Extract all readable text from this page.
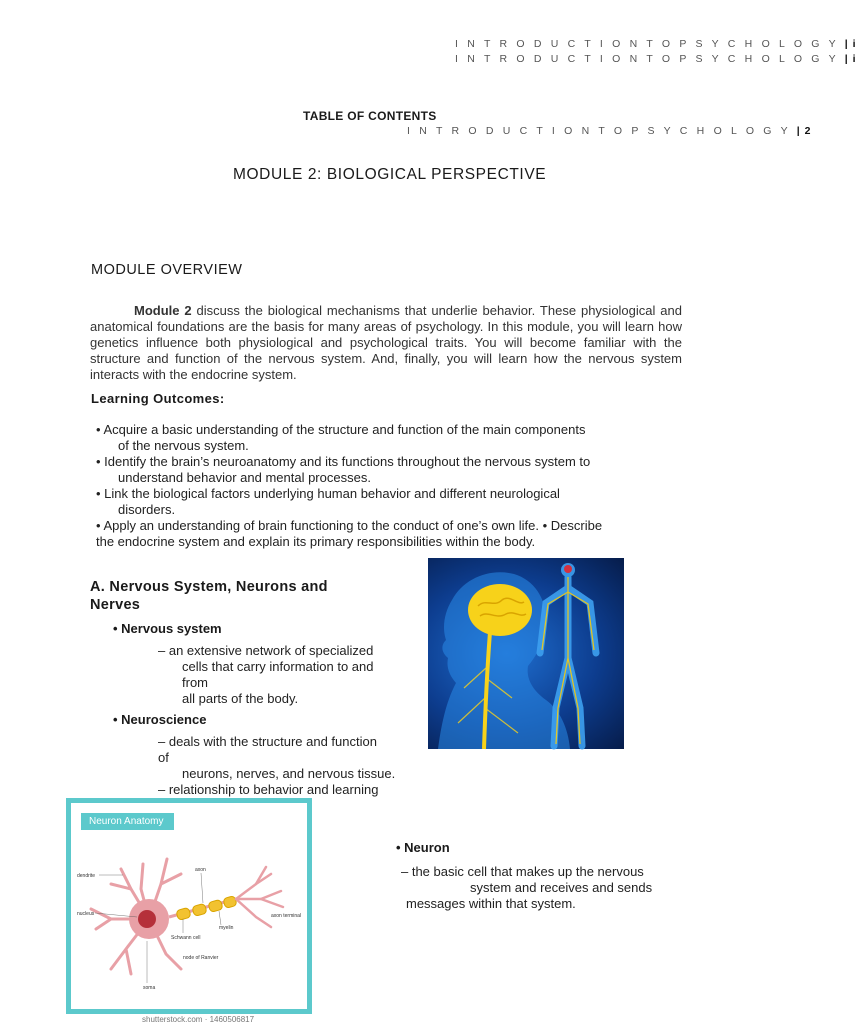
I N T R O D U C T I O N T O P S Y C H O L O G Y | i
I N T R O D U C T I O N T O P S Y C H O L O G Y | i
TABLE OF CONTENTS
I N T R O D U C T I O N T O P S Y C H O L O G Y | 2
MODULE 2: BIOLOGICAL PERSPECTIVE
MODULE OVERVIEW
Module 2 discuss the biological mechanisms that underlie behavior. These physiological and anatomical foundations are the basis for many areas of psychology. In this module, you will learn how genetics influence both physiological and psychological traits. You will become familiar with the structure and function of the nervous system. And, finally, you will learn how the nervous system interacts with the endocrine system.
Learning Outcomes:
• Acquire a basic understanding of the structure and function of the main components
of the nervous system.
• Identify the brain’s neuroanatomy and its functions throughout the nervous system to
understand behavior and mental processes.
• Link the biological factors underlying human behavior and different neurological
disorders.
• Apply an understanding of brain functioning to the conduct of one’s own life. • Describe
the endocrine system and explain its primary responsibilities within the body.
A. Nervous System, Neurons and
Nerves
• Nervous system
– an extensive network of specialized
cells that carry information to and
from
all parts of the body.
• Neuroscience
– deals with the structure and function
of
neurons, nerves, and nervous tissue.
– relationship to behavior and learning
• Neuron
– the basic cell that makes up the nervous
system and receives and sends
messages within that system.
Neuron Anatomy
dendrite
nucleus
axon
Schwann cell
node of Ranvier
myelin
axon terminal
soma
shutterstock.com · 1460506817
